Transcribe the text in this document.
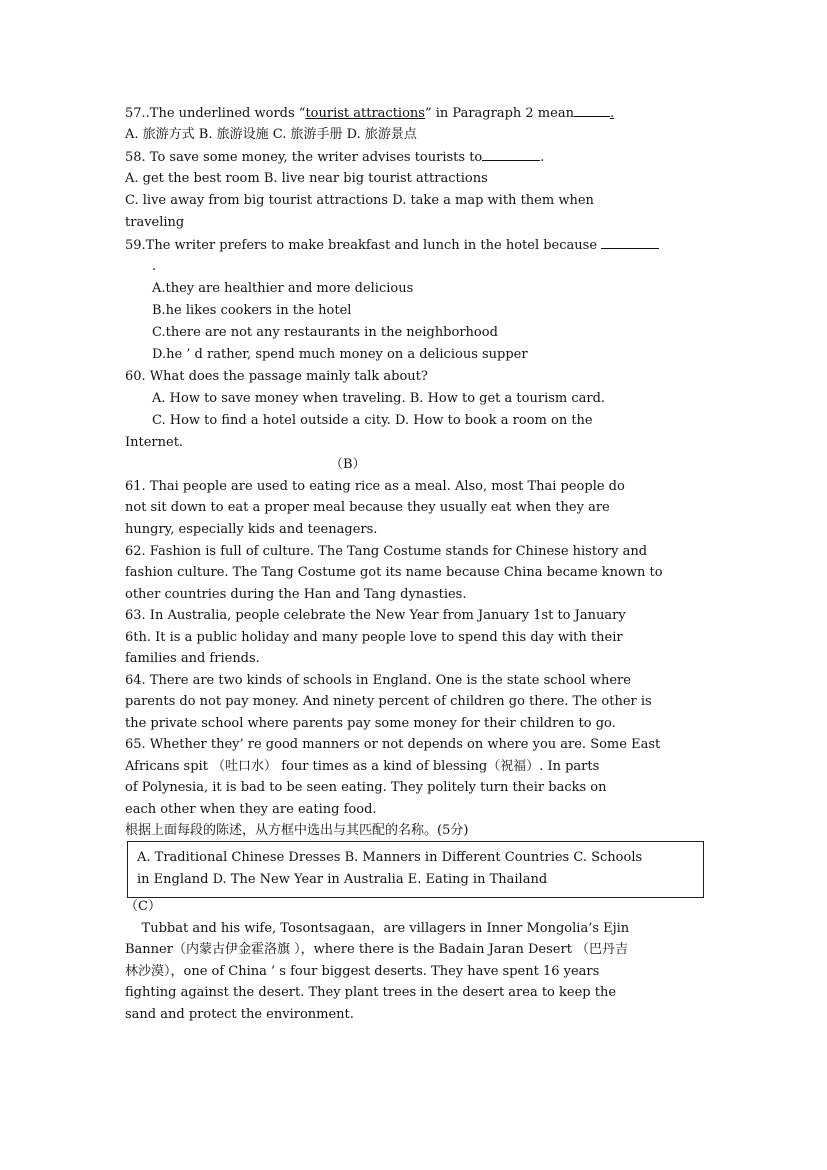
57..The underlined words “tourist attractions” in Paragraph 2 mean	.
A. 旅游方式 B. 旅游设施 C. 旅游手册 D. 旅游景点
58. To save some money, the writer advises tourists to	.
A. get the best room B. live near big tourist attractions
C. live away from big tourist attractions D. take a map with them when
traveling
59.The writer prefers to make breakfast and lunch in the hotel because
.
A.they are healthier and more delicious
B.he likes cookers in the hotel
C.there are not any restaurants in the neighborhood
D.he ’ d rather, spend much money on a delicious supper
60. What does the passage mainly talk about?
A. How to save money when traveling. B. How to get a tourism card.
C. How to find a hotel outside a city. D. How to book a room on the
Internet.
（B）
61. Thai people are used to eating rice as a meal. Also, most Thai people do
not sit down to eat a proper meal because they usually eat when they are
hungry, especially kids and teenagers.
62. Fashion is full of culture. The Tang Costume stands for Chinese history and
fashion culture. The Tang Costume got its name because China became known to
other countries during the Han and Tang dynasties.
63. In Australia, people celebrate the New Year from January 1st to January
6th. It is a public holiday and many people love to spend this day with their
families and friends.
64. There are two kinds of schools in England. One is the state school where
parents do not pay money. And ninety percent of children go there. The other is
the private school where parents pay some money for their children to go.
65. Whether they’ re good manners or not depends on where you are. Some East
Africans spit （吐口水） four times as a kind of blessing（祝福）. In parts
of Polynesia, it is bad to be seen eating. They politely turn their backs on
each other when they are eating food.
根据上面每段的陈述，从方框中选出与其匹配的名称。(5分)
A. Traditional Chinese Dresses B. Manners in Different Countries C. Schools
in England D. The New Year in Australia E. Eating in Thailand
（C）
Tubbat and his wife, Tosontsagaan，are villagers in Inner Mongolia’s Ejin
Banner（内蒙古伊金霍洛旗 ），where there is the Badain Jaran Desert （巴丹吉
林沙漠），one of China ’ s four biggest deserts. They have spent 16 years
fighting against the desert. They plant trees in the desert area to keep the
sand and protect the environment.
